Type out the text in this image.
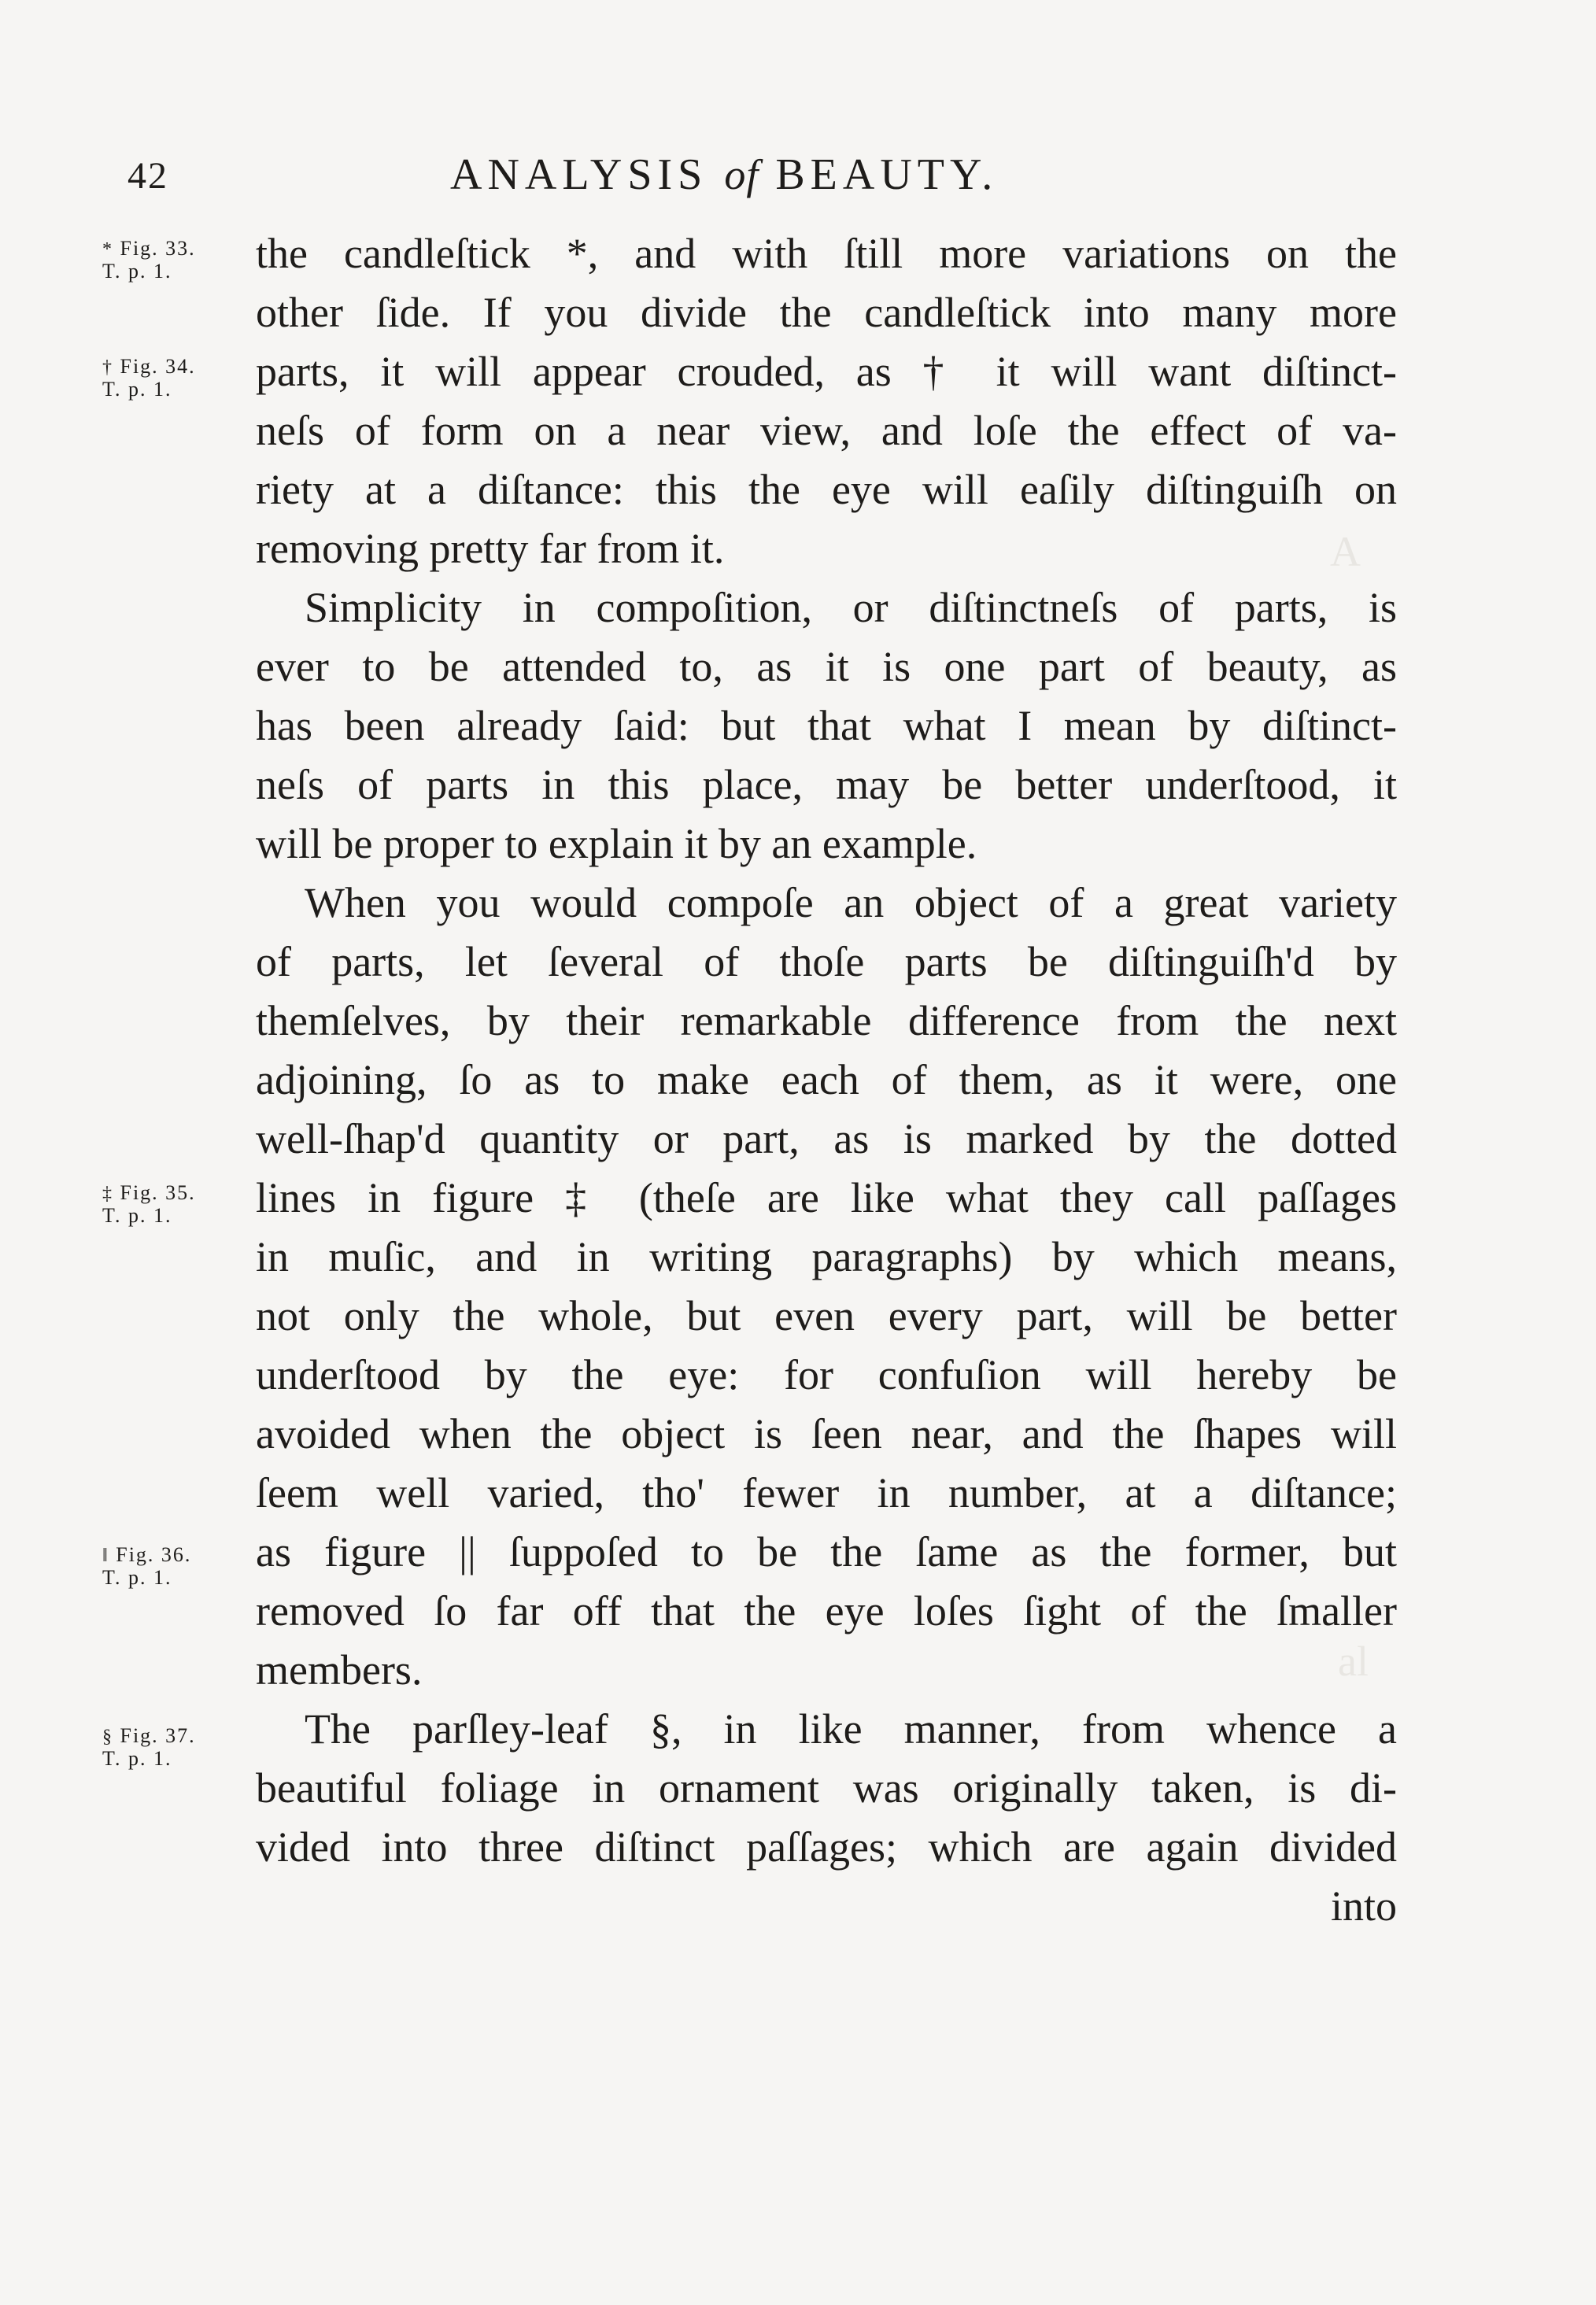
A
al
42	ANALYSIS of BEAUTY.
* Fig. 33.
T. p. 1.
† Fig. 34.
T. p. 1.
‡ Fig. 35.
T. p. 1.
‖ Fig. 36.
T. p. 1.
§ Fig. 37.
T. p. 1.
the candleſtick *, and with ſtill more variations on the
other ſide. If you divide the candleſtick into many more
parts, it will appear crouded, as † it will want diſtinct-
neſs of form on a near view, and loſe the effect of va-
riety at a diſtance: this the eye will eaſily diſtinguiſh on
removing pretty far from it.
Simplicity in compoſition, or diſtinctneſs of parts, is
ever to be attended to, as it is one part of beauty, as
has been already ſaid: but that what I mean by diſtinct-
neſs of parts in this place, may be better underſtood, it
will be proper to explain it by an example.
When you would compoſe an object of a great variety
of parts, let ſeveral of thoſe parts be diſtinguiſh'd by
themſelves, by their remarkable difference from the next
adjoining, ſo as to make each of them, as it were, one
well-ſhap'd quantity or part, as is marked by the dotted
lines in figure ‡ (theſe are like what they call paſſages
in muſic, and in writing paragraphs) by which means,
not only the whole, but even every part, will be better
underſtood by the eye: for confuſion will hereby be
avoided when the object is ſeen near, and the ſhapes will
ſeem well varied, tho' fewer in number, at a diſtance;
as figure || ſuppoſed to be the ſame as the former, but
removed ſo far off that the eye loſes ſight of the ſmaller
members.
The parſley-leaf §, in like manner, from whence a
beautiful foliage in ornament was originally taken, is di-
vided into three diſtinct paſſages; which are again divided
into
